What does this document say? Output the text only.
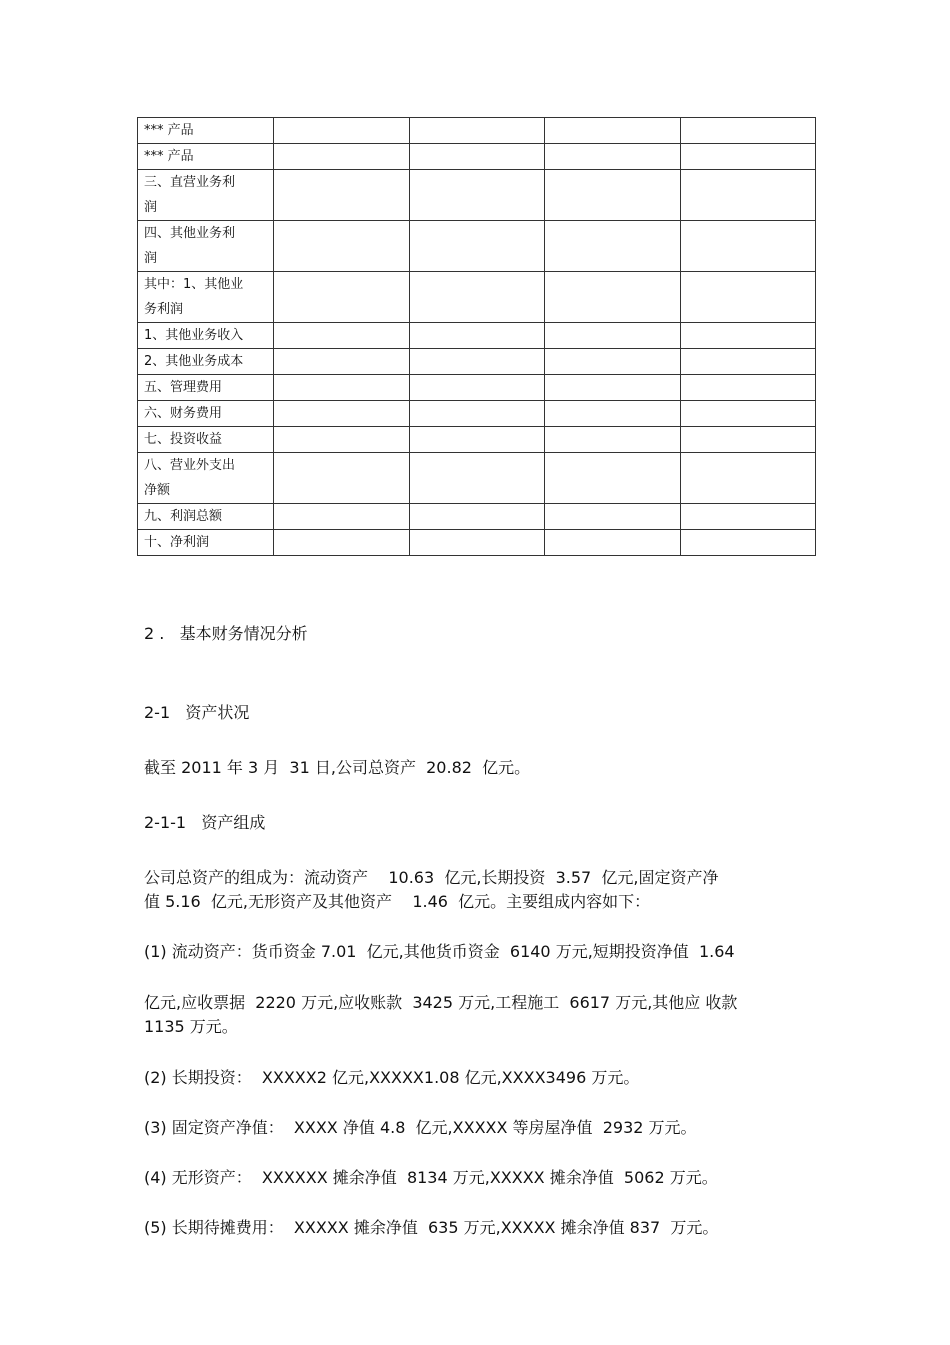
*** 产品				
*** 产品				
三、直营业务利
润				
四、其他业务利
润				
其中：1、其他业
务利润				
1、其他业务收入				
2、其他业务成本				
五、管理费用				
六、财务费用				
七、投资收益				
八、营业外支出
净额				
九、利润总额				
十、净利润				
2 .   基本财务情况分析
2-1   资产状况
截至 2011 年 3 月  31 日,公司总资产  20.82  亿元。
2-1-1   资产组成
公司总资产的组成为：流动资产    10.63  亿元,长期投资  3.57  亿元,固定资产净
值 5.16  亿元,无形资产及其他资产    1.46  亿元。主要组成内容如下：
(1) 流动资产：货币资金 7.01  亿元,其他货币资金  6140 万元,短期投资净值  1.64
亿元,应收票据  2220 万元,应收账款  3425 万元,工程施工  6617 万元,其他应 收款
1135 万元。
(2) 长期投资：  XXXXX2 亿元,XXXXX1.08 亿元,XXXX3496 万元。
(3) 固定资产净值：  XXXX 净值 4.8  亿元,XXXXX 等房屋净值  2932 万元。
(4) 无形资产：  XXXXXX 摊余净值  8134 万元,XXXXX 摊余净值  5062 万元。
(5) 长期待摊费用：  XXXXX 摊余净值  635 万元,XXXXX 摊余净值 837  万元。
